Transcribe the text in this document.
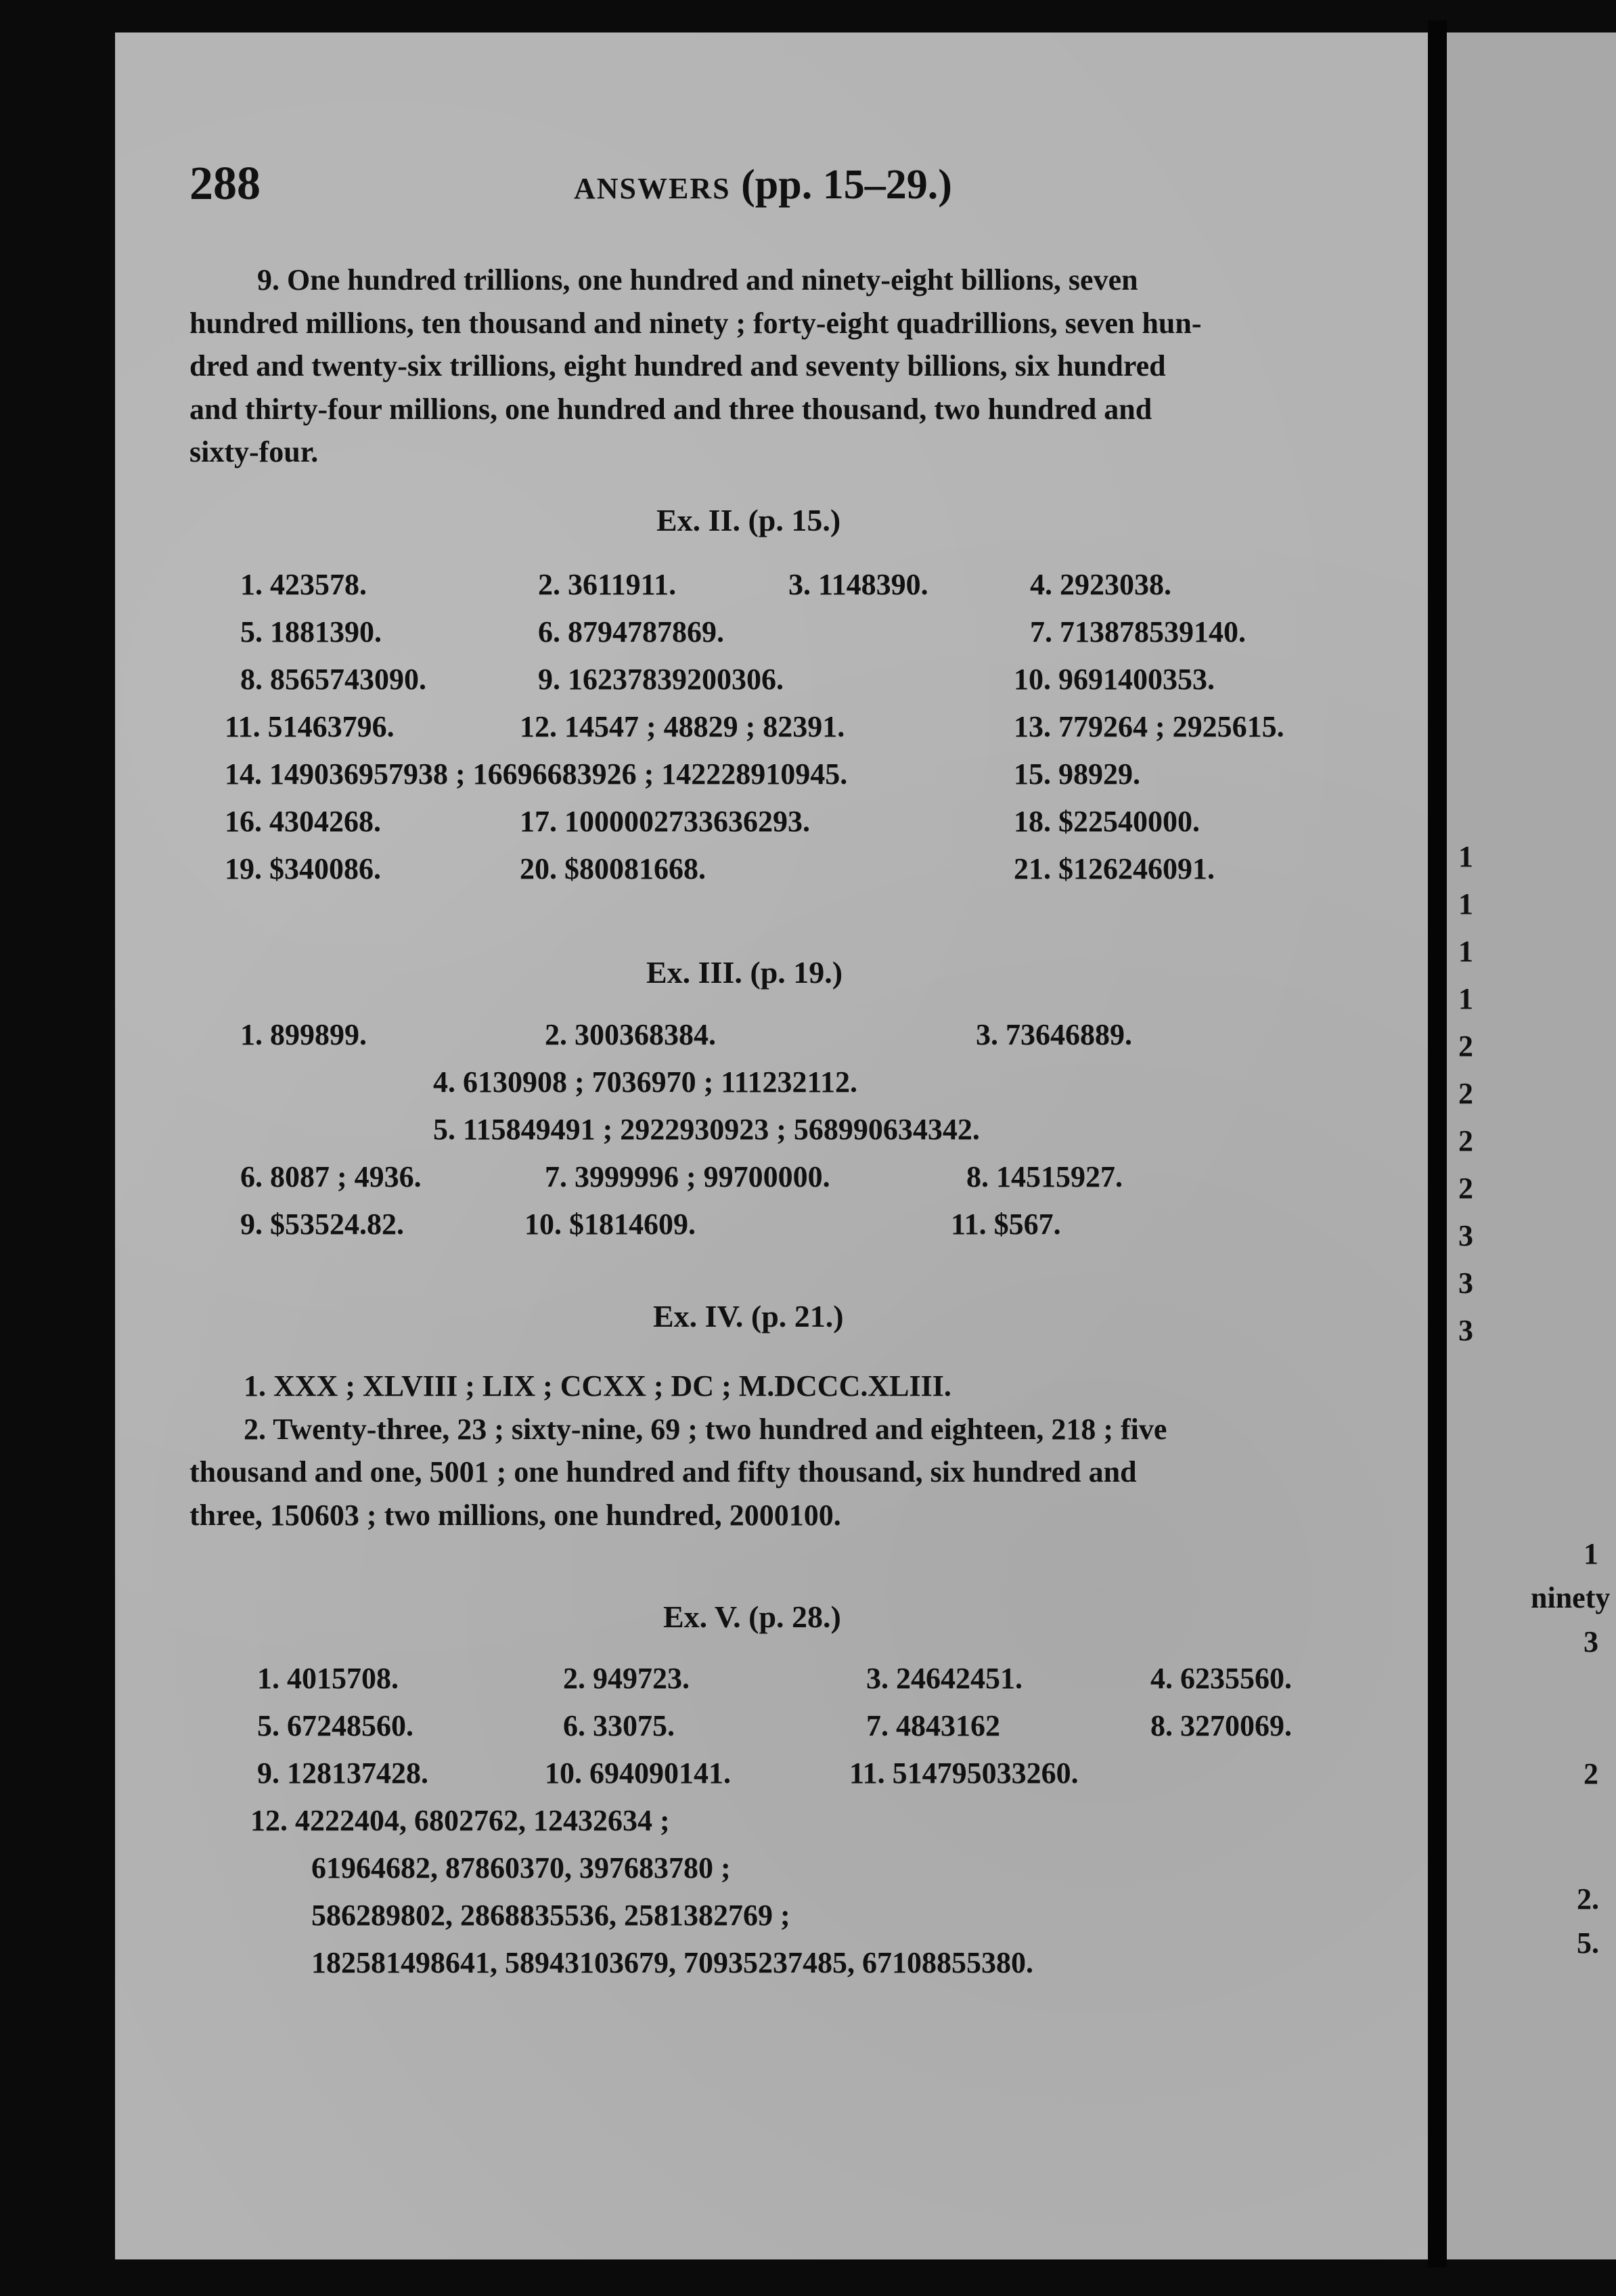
288	ANSWERS (pp. 15–29.)
9. One hundred trillions, one hundred and ninety-eight billions, seven
hundred millions, ten thousand and ninety ; forty-eight quadrillions, seven hun-
dred and twenty-six trillions, eight hundred and seventy billions, six hundred
and thirty-four millions, one hundred and three thousand, two hundred and
sixty-four.
Ex. II. (p. 15.)
1. 423578.	2. 3611911.	3. 1148390.	4. 2923038.
5. 1881390.	6. 8794787869.	7. 713878539140.
8. 8565743090.	9. 16237839200306.	10. 9691400353.
11. 51463796.	12. 14547 ; 48829 ; 82391.	13. 779264 ; 2925615.
14. 149036957938 ; 16696683926 ; 142228910945.	15. 98929.
16. 4304268.	17. 1000002733636293.	18. $22540000.
19. $340086.	20. $80081668.	21. $126246091.
Ex. III. (p. 19.)
1. 899899.	2. 300368384.	3. 73646889.
4. 6130908 ; 7036970 ; 111232112.
5. 115849491 ; 2922930923 ; 568990634342.
6. 8087 ; 4936.	7. 3999996 ; 99700000.	8. 14515927.
9. $53524.82.	10. $1814609.	11. $567.
Ex. IV. (p. 21.)
1. XXX ; XLVIII ; LIX ; CCXX ; DC ; M.DCCC.XLIII.
2. Twenty-three, 23 ; sixty-nine, 69 ; two hundred and eighteen, 218 ; five
thousand and one, 5001 ; one hundred and fifty thousand, six hundred and
three, 150603 ; two millions, one hundred, 2000100.
Ex. V. (p. 28.)
1. 4015708.	2. 949723.	3. 24642451.	4. 6235560.
5. 67248560.	6. 33075.	7. 4843162	8. 3270069.
9. 128137428.	10. 694090141.	11. 514795033260.
12. 4222404, 6802762, 12432634 ;
61964682, 87860370, 397683780 ;
586289802, 2868835536, 2581382769 ;
182581498641, 58943103679, 70935237485, 67108855380.
1
1
1
1
2
2
2
2
3
3
3
1
ninety
3
2
2.
5.
